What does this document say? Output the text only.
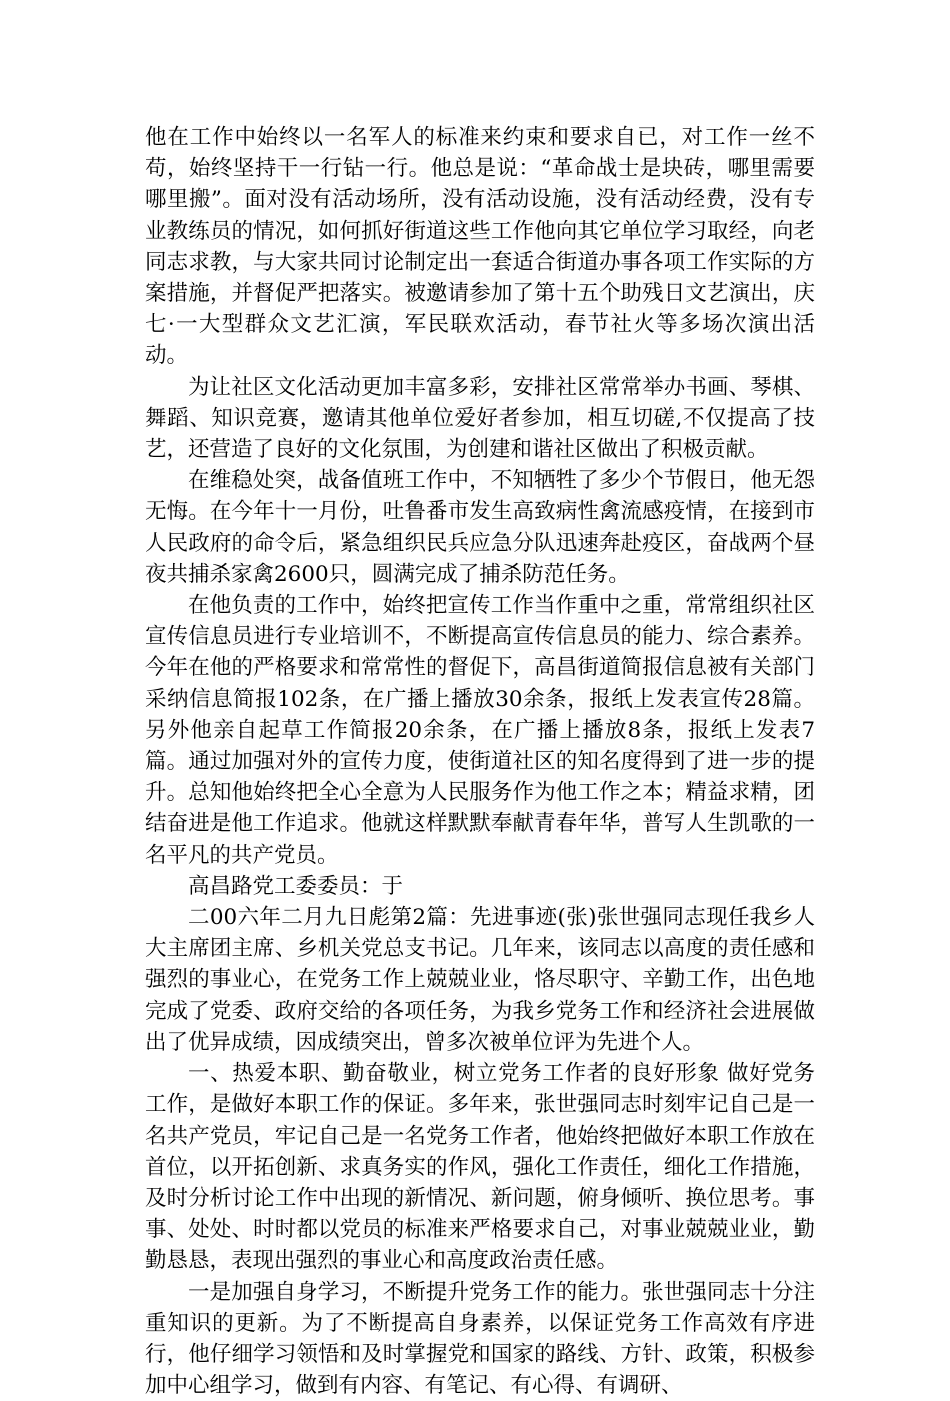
他在工作中始终以一名军人的标准来约束和要求自已，对工作一丝不苟，始终坚持干一行钻一行。他总是说：“革命战士是块砖，哪里需要哪里搬”。面对没有活动场所，没有活动设施，没有活动经费，没有专业教练员的情况，如何抓好街道这些工作他向其它单位学习取经，向老同志求教，与大家共同讨论制定出一套适合街道办事各项工作实际的方案措施，并督促严把落实。被邀请参加了第十五个助残日文艺演出，庆七·一大型群众文艺汇演，军民联欢活动，春节社火等多场次演出活动。

为让社区文化活动更加丰富多彩，安排社区常常举办书画、琴棋、舞蹈、知识竞赛，邀请其他单位爱好者参加，相互切磋,不仅提高了技艺，还营造了良好的文化氛围，为创建和谐社区做出了积极贡献。

在维稳处突，战备值班工作中，不知牺牲了多少个节假日，他无怨无悔。在今年十一月份，吐鲁番市发生高致病性禽流感疫情，在接到市人民政府的命令后，紧急组织民兵应急分队迅速奔赴疫区，奋战两个昼夜共捕杀家禽2600只，圆满完成了捕杀防范任务。

在他负责的工作中，始终把宣传工作当作重中之重，常常组织社区宣传信息员进行专业培训不，不断提高宣传信息员的能力、综合素养。今年在他的严格要求和常常性的督促下，高昌街道简报信息被有关部门采纳信息简报102条，在广播上播放30余条，报纸上发表宣传28篇。另外他亲自起草工作简报20余条，在广播上播放8条，报纸上发表7篇。通过加强对外的宣传力度，使街道社区的知名度得到了进一步的提升。总知他始终把全心全意为人民服务作为他工作之本；精益求精，团结奋进是他工作追求。他就这样默默奉献青春年华，普写人生凯歌的一名平凡的共产党员。

高昌路党工委委员：于

二00六年二月九日彪第2篇：先进事迹(张)张世强同志现任我乡人大主席团主席、乡机关党总支书记。几年来，该同志以高度的责任感和强烈的事业心，在党务工作上兢兢业业，恪尽职守、辛勤工作，出色地完成了党委、政府交给的各项任务，为我乡党务工作和经济社会进展做出了优异成绩，因成绩突出，曾多次被单位评为先进个人。

一、热爱本职、勤奋敬业，树立党务工作者的良好形象 做好党务工作，是做好本职工作的保证。多年来，张世强同志时刻牢记自己是一名共产党员，牢记自己是一名党务工作者，他始终把做好本职工作放在首位，以开拓创新、求真务实的作风，强化工作责任，细化工作措施，及时分析讨论工作中出现的新情况、新问题，俯身倾听、换位思考。事事、处处、时时都以党员的标准来严格要求自己，对事业兢兢业业，勤勤恳恳，表现出强烈的事业心和高度政治责任感。

一是加强自身学习，不断提升党务工作的能力。张世强同志十分注重知识的更新。为了不断提高自身素养，以保证党务工作高效有序进行，他仔细学习领悟和及时掌握党和国家的路线、方针、政策，积极参加中心组学习，做到有内容、有笔记、有心得、有调研、
